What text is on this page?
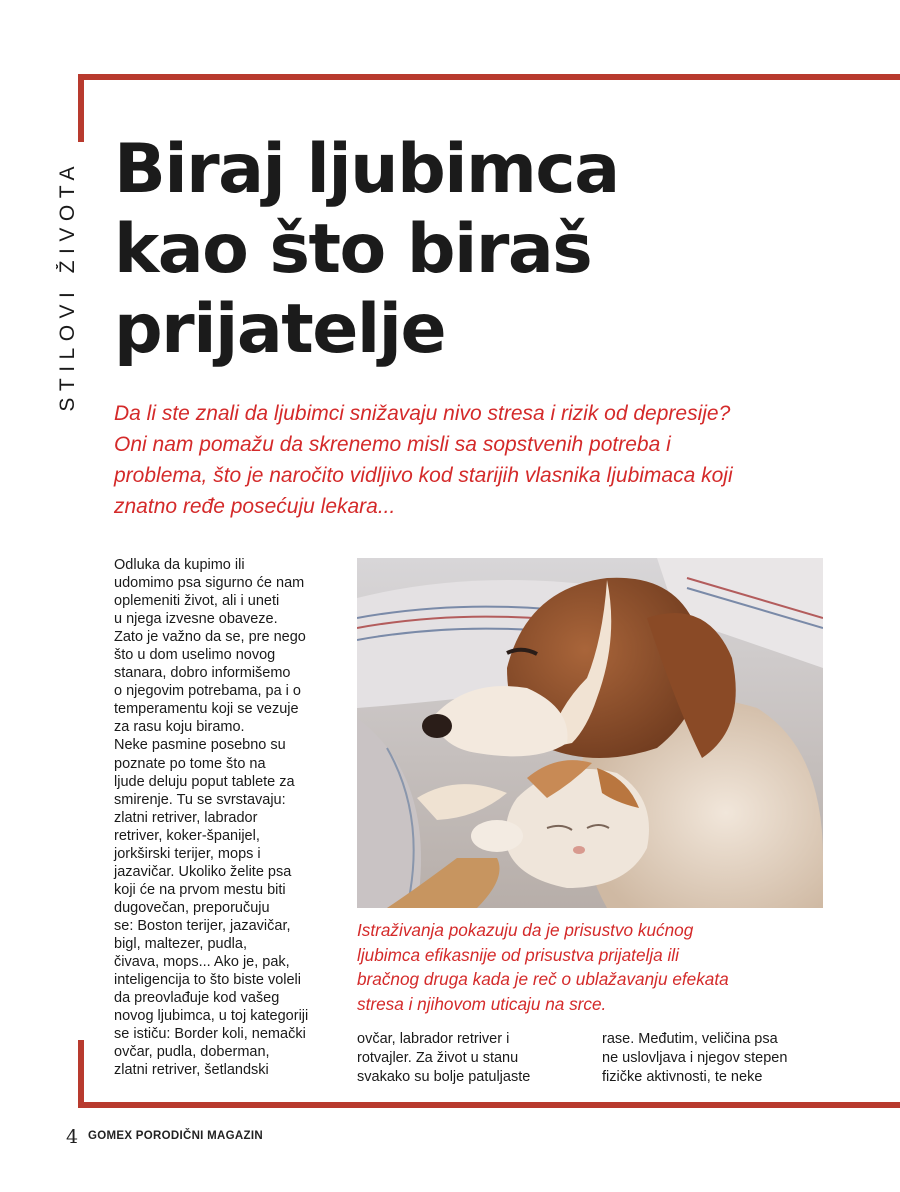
STILOVI ŽIVOTA Biraj ljubimca
kao što biraš
prijatelje

Da li ste znali da ljubimci snižavaju nivo stresa i rizik od depresije?
Oni nam pomažu da skrenemo misli sa sopstvenih potreba i
problema, što je naročito vidljivo kod starijih vlasnika ljubimaca koji
znatno ređe posećuju lekara...

Odluka da kupimo ili
udomimo psa sigurno će nam
oplemeniti život, ali i uneti
u njega izvesne obaveze.
Zato je važno da se, pre nego
što u dom uselimo novog
stanara, dobro informišemo
o njegovim potrebama, pa i o
temperamentu koji se vezuje
za rasu koju biramo.
Neke pasmine posebno su
poznate po tome što na
ljude deluju poput tablete za
smirenje. Tu se svrstavaju:
zlatni retriver, labrador
retriver, koker-španijel,
jorkširski terijer, mops i
jazavičar. Ukoliko želite psa
koji će na prvom mestu biti
dugovečan, preporučuju
se: Boston terijer, jazavičar,
bigl, maltezer, pudla,
čivava, mops... Ako je, pak,
inteligencija to što biste voleli
da preovlađuje kod vašeg
novog ljubimca, u toj kategoriji
se ističu: Border koli, nemački
ovčar, pudla, doberman,
zlatni retriver, šetlandski
Istraživanja pokazuju da je prisustvo kućnog
ljubimca efikasnije od prisustva prijatelja ili
bračnog druga kada je reč o ublažavanju efekata
stresa i njihovom uticaju na srce.
ovčar, labrador retriver i
rotvajler. Za život u stanu
svakako su bolje patuljaste
rase. Međutim, veličina psa
ne uslovljava i njegov stepen
fizičke aktivnosti, te neke
4 GOMEX PORODIČNI MAGAZIN
